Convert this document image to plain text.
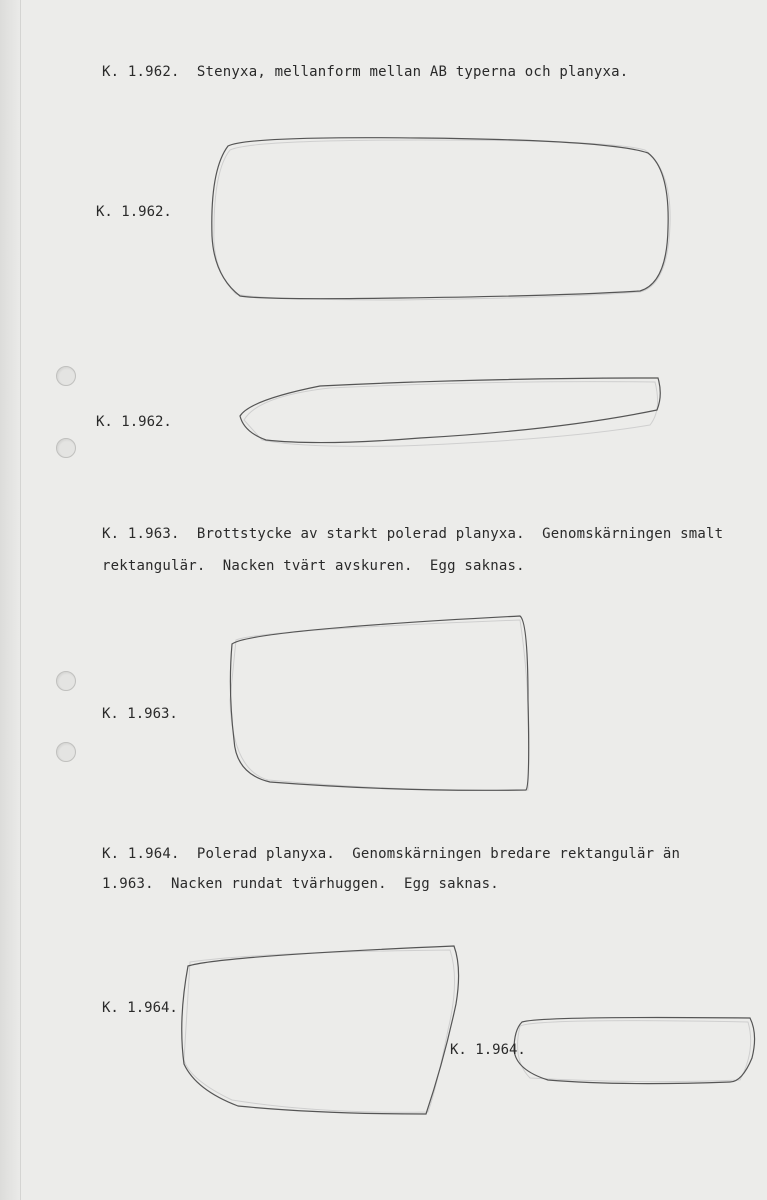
K. 1.962.  Stenyxa, mellanform mellan AB typerna och planyxa.
K. 1.962.
K. 1.962.
K. 1.963.  Brottstycke av starkt polerad planyxa.  Genomskärningen smalt
rektangulär.  Nacken tvärt avskuren.  Egg saknas.
K. 1.963.
K. 1.964.  Polerad planyxa.  Genomskärningen bredare rektangulär än
1.963.  Nacken rundat tvärhuggen.  Egg saknas.
K. 1.964.
K. 1.964.
